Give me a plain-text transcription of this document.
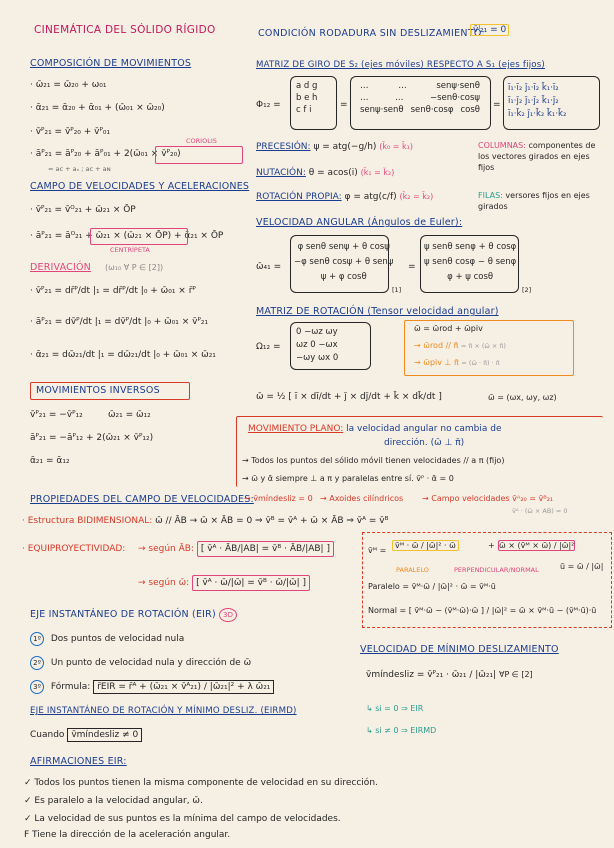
CINEMÁTICA DEL SÓLIDO RÍGIDO
COMPOSICIÓN DE MOVIMIENTOS
· ω̄₂₁ = ω̄₂₀ + ω₀₁
· ᾱ₂₁ = ᾱ₂₀ + ᾱ₀₁ + (ω̄₀₁ × ω̄₂₀)
· v̄ᴾ₂₁ = v̄ᴾ₂₀ + v̄ᴾ₀₁
CORIOLIS
· āᴾ₂₁ = āᴾ₂₀ + āᴾ₀₁ + 2(ω̄₀₁ × v̄ᴾ₂₀)
= aᴄ + aₙ ; aᴄ + aɴ
CAMPO DE VELOCIDADES Y ACELERACIONES
· v̄ᴾ₂₁ = v̄ᴼ₂₁ + ω̄₂₁ × ŌP
· āᴾ₂₁ = āᴼ₂₁ + ω̄₂₁ × (ω̄₂₁ × ŌP) + ᾱ₂₁ × ŌP
CENTRÍPETA
DERIVACIÓN (ω₁₀ ∀ P ∈ [2])
· v̄ᴾ₂₁ = dr̄ᴾ/dt |₁ = dr̄ᴾ/dt |₀ + ω̄₀₁ × r̄ᴾ
· āᴾ₂₁ = dv̄ᴾ/dt |₁ = dv̄ᴾ/dt |₀ + ω̄₀₁ × v̄ᴾ₂₁
· ᾱ₂₁ = dω̄₂₁/dt |₁ = dω̄₂₁/dt |₀ + ω̄₀₁ × ω̄₂₁
MOVIMIENTOS INVERSOS
v̄ᴾ₂₁ = −v̄ᴾ₁₂	ω̄₂₁ = ω̄₁₂
āᴾ₂₁ = −āᴾ₁₂ + 2(ω̄₂₁ × v̄ᴾ₁₂)
ᾱ₂₁ = ᾱ₁₂
CONDICIÓN RODADURA SIN DESLIZAMIENTO:
v̄ᴵ₂₁ = 0
MATRIZ DE GIRO DE S₂ (ejes móviles) RESPECTO A S₁ (ejes fijos)
Φ₁₂ =
a d g
b e h
c f i	=
…	…	senψ·senθ
…	…	−senθ·cosψ
senψ·senθ senθ·cosφ cosθ =
ī₁·ī₂ j̄₁·ī₂ k̄₁·ī₂
ī₁·j̄₂ j̄₁·j̄₂ k̄₁·j̄₂
ī₁·k̄₂ j̄₁·k̄₂ k̄₁·k̄₂
PRECESIÓN: ψ = atg(−g/h) (k̄₀ = k̄₁)
NUTACIÓN: θ = acos(i) (k̄₁ = ǩ₂)
ROTACIÓN PROPIA: φ = atg(c/f) (k̄₂ = k̄₂)
COLUMNAS: componentes de los vectores girados en ejes fijos
FILAS: versores fijos en ejes girados
VELOCIDAD ANGULAR (Ángulos de Euler):
ω̄₄₁ =
φ senθ senψ + θ cosψ
−φ senθ cosψ + θ senψ
ψ + φ cosθ
[1]
=
ψ senθ senφ + θ cosφ
ψ senθ cosφ − θ senφ
φ + ψ cosθ
[2]
MATRIZ DE ROTACIÓN (Tensor velocidad angular)
Ω₁₂ =
0 −ωz ωy
ωz 0 −ωx
−ωy ωx 0
ω̄ = ω̄rod + ω̄piv
→ ω̄rod // π̄ = π̄ × (ω̄ × π̄)
→ ω̄piv ⊥ π̄ = (ω̄ · π̄) · π̄
ω̄ = ½ [ ī × dī/dt + j̄ × dj̄/dt + k̄ × dk̄/dt ]	ω̄ = (ωx, ωy, ωz)
MOVIMIENTO PLANO: la velocidad angular no cambia de
dirección. (ω̄ ⊥ π̄)
→ Todos los puntos del sólido móvil tienen velocidades // a π (fijo)
→ ω̄ y ᾱ siempre ⊥ a π y paralelas entre sí. v̄ᴾ · ᾱ = 0
PROPIEDADES DEL CAMPO DE VELOCIDADES:
→ v̄míndesliz = 0 → Axoides cilíndricos → Campo velocidades v̄ᴬ₂₀ = v̄ᴮ₂₁
v̄ᴬ · (ω̄ × AB) = 0
· Estructura BIDIMENSIONAL: ω̄ // ĀB → ω̄ × ĀB = 0 ⇒ v̄ᴮ = v̄ᴬ + ω̄ × ĀB ⇒ v̄ᴬ = v̄ᴮ
· EQUIPROYECTIVIDAD: → según ĀB: [ v̄ᴬ · ĀB/|AB| = v̄ᴮ · ĀB/|AB| ]
→ según ω̄: [ v̄ᴬ · ω̄/|ω̄| = v̄ᴮ · ω̄/|ω̄| ]
v̄ᴹ =
v̄ᴹ · ω̄ / |ω̄|² · ω̄	+ ω̄ × (v̄ᴹ × ω̄) / |ω̄|²
ū = ω̄ / |ω̄|
PARALELO	PERPENDICULAR/NORMAL
Paralelo = v̄ᴹ·ω̄ / |ω̄|² · ω̄ = v̄ᴹ·ū
Normal = [ v̄ᴹ·ω̄ − (v̄ᴹ·ω̄)·ω̄ ] / |ω̄|² = ω̄ × v̄ᴹ·ū − (v̄ᴹ·ū)·ū
EJE INSTANTÁNEO DE ROTACIÓN (EIR) 3D
1º Dos puntos de velocidad nula
2º Un punto de velocidad nula y dirección de ω̄
3º Fórmula: r̄EIR = r̄ᴬ + (ω̄₂₁ × v̄ᴬ₂₁) / |ω̄₂₁|² + λ ω̄₂₁
VELOCIDAD DE MÍNIMO DESLIZAMIENTO
v̄míndesliz = v̄ᴾ₂₁ · ω̄₂₁ / |ω̄₂₁| ∀P ∈ [2]
↳ si = 0 ⇒ EIR
↳ si ≠ 0 ⇒ EIRMD
EJE INSTANTÁNEO DE ROTACIÓN Y MÍNIMO DESLIZ. (EIRMD)
Cuando v̄míndesliz ≠ 0
AFIRMACIONES EIR:
✓ Todos los puntos tienen la misma componente de velocidad en su dirección.
✓ Es paralelo a la velocidad angular, ω̄.
✓ La velocidad de sus puntos es la mínima del campo de velocidades.
F Tiene la dirección de la aceleración angular.
